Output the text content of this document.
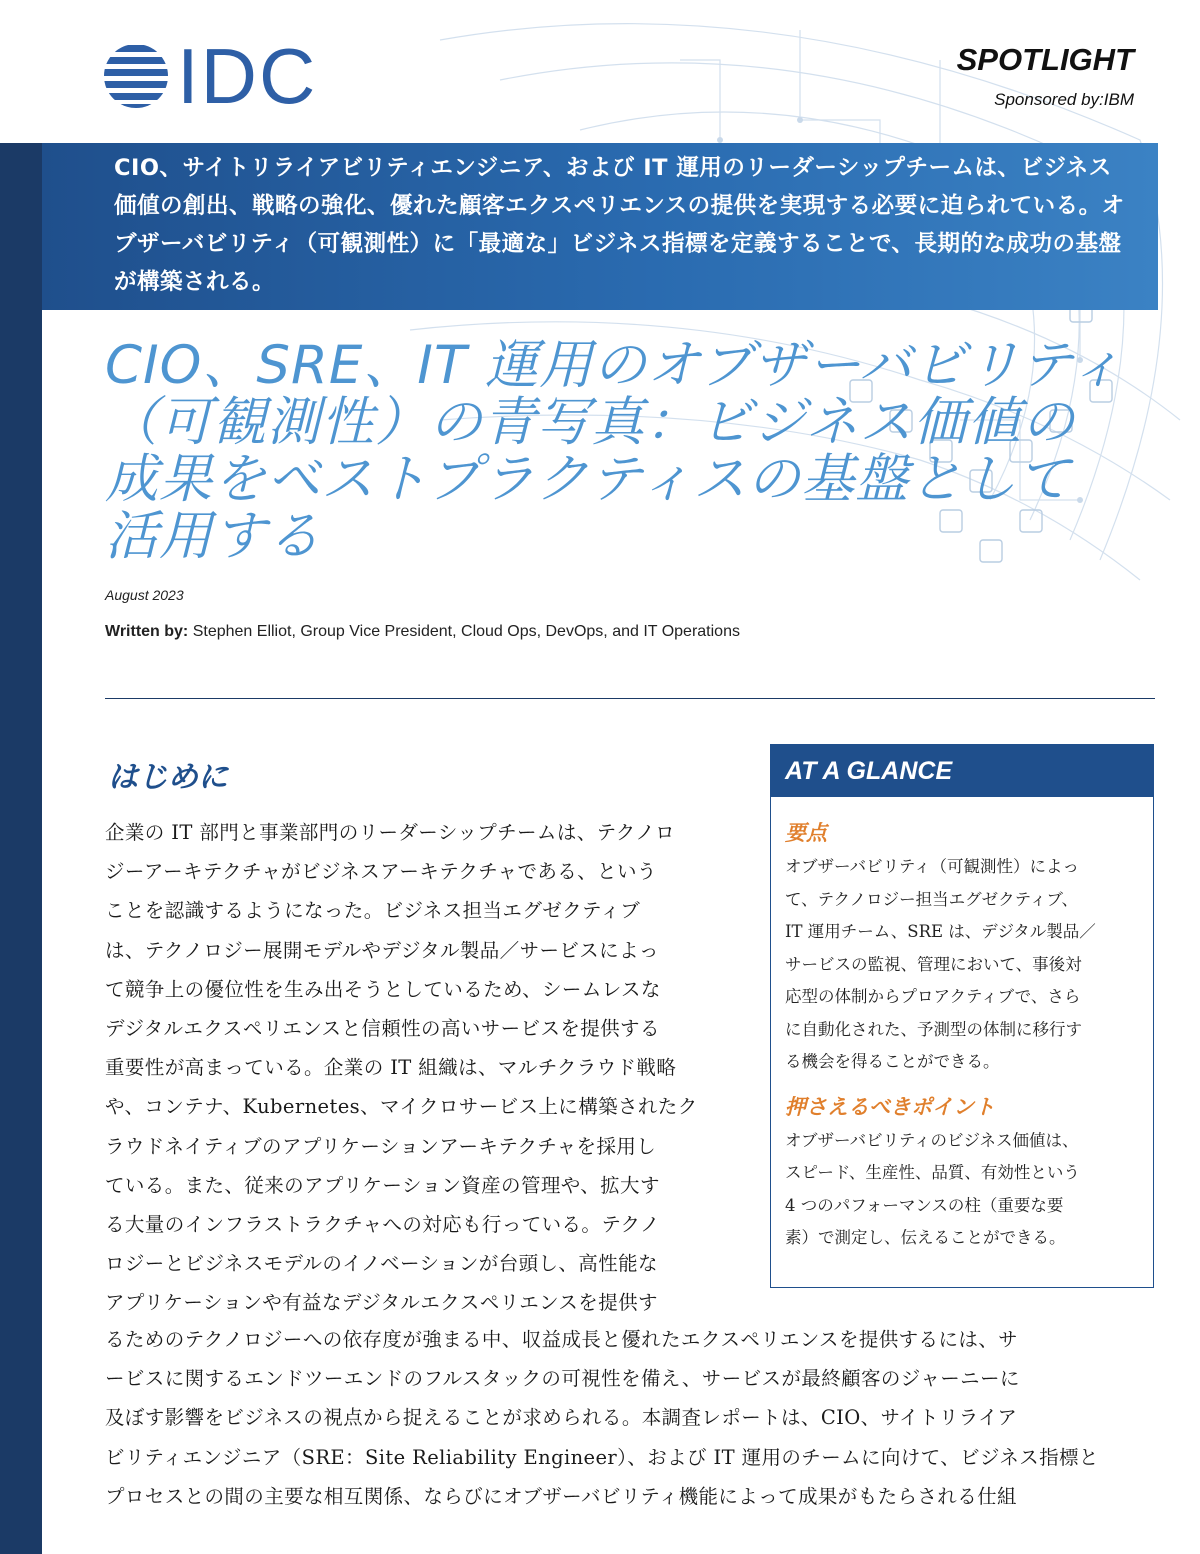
IDC	SPOTLIGHT
Sponsored by:IBM
CIO、サイトリライアビリティエンジニア、および IT 運用のリーダーシップチームは、ビジネス価値の創出、戦略の強化、優れた顧客エクスペリエンスの提供を実現する必要に迫られている。オブザーバビリティ（可観測性）に「最適な」ビジネス指標を定義することで、長期的な成功の基盤が構築される。
CIO、SRE、IT 運用のオブザーバビリティ
（可観測性）の青写真：ビジネス価値の
成果をベストプラクティスの基盤として
活用する
August 2023
Written by: Stephen Elliot, Group Vice President, Cloud Ops, DevOps, and IT Operations
はじめに
企業の IT 部門と事業部門のリーダーシップチームは、テクノロ
ジーアーキテクチャがビジネスアーキテクチャである、という
ことを認識するようになった。ビジネス担当エグゼクティブ
は、テクノロジー展開モデルやデジタル製品／サービスによっ
て競争上の優位性を生み出そうとしているため、シームレスな
デジタルエクスペリエンスと信頼性の高いサービスを提供する
重要性が高まっている。企業の IT 組織は、マルチクラウド戦略
や、コンテナ、Kubernetes、マイクロサービス上に構築されたク
ラウドネイティブのアプリケーションアーキテクチャを採用し
ている。また、従来のアプリケーション資産の管理や、拡大す
る大量のインフラストラクチャへの対応も行っている。テクノ
ロジーとビジネスモデルのイノベーションが台頭し、高性能な
アプリケーションや有益なデジタルエクスペリエンスを提供す
るためのテクノロジーへの依存度が強まる中、収益成長と優れたエクスペリエンスを提供するには、サ
ービスに関するエンドツーエンドのフルスタックの可視性を備え、サービスが最終顧客のジャーニーに
及ぼす影響をビジネスの視点から捉えることが求められる。本調査レポートは、CIO、サイトリライア
ビリティエンジニア（SRE：Site Reliability Engineer）、および IT 運用のチームに向けて、ビジネス指標と
プロセスとの間の主要な相互関係、ならびにオブザーバビリティ機能によって成果がもたらされる仕組
AT A GLANCE
要点
オブザーバビリティ（可観測性）によっ
て、テクノロジー担当エグゼクティブ、
IT 運用チーム、SRE は、デジタル製品／
サービスの監視、管理において、事後対
応型の体制からプロアクティブで、さら
に自動化された、予測型の体制に移行す
る機会を得ることができる。
押さえるべきポイント
オブザーバビリティのビジネス価値は、
スピード、生産性、品質、有効性という
4 つのパフォーマンスの柱（重要な要
素）で測定し、伝えることができる。
